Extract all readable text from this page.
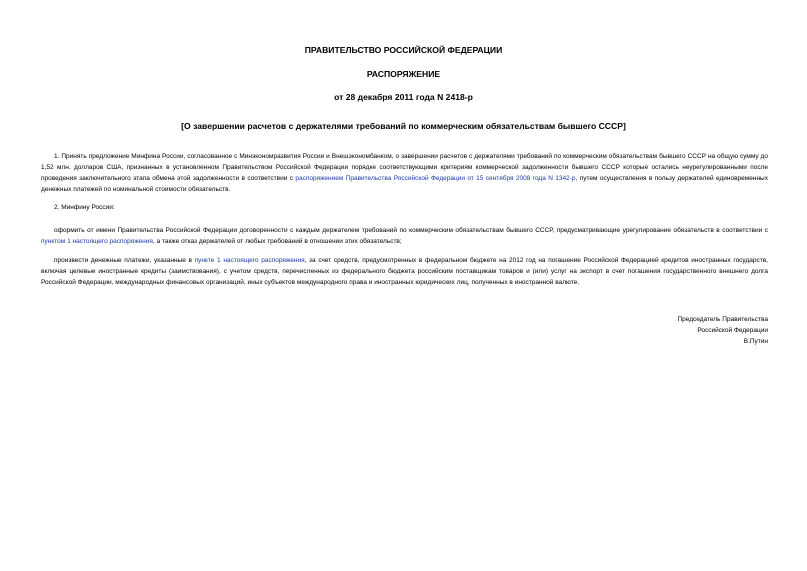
ПРАВИТЕЛЬСТВО РОССИЙСКОЙ ФЕДЕРАЦИИ
РАСПОРЯЖЕНИЕ
от 28 декабря 2011 года N 2418-р
[О завершении расчетов с держателями требований по коммерческим обязательствам бывшего СССР]

1. Принять предложение Минфина России, согласованное с Минэкономразвития России и Внешэкономбанком, о завершении расчетов с держателями требований по коммерческим обязательствам бывшего СССР на общую сумму до 1,52 млн. долларов США, признанных в установленном Правительством Российской Федерации порядке соответствующими критериям коммерческой задолженности бывшего СССР которые остались неурегулированными после проведения заключительного этапа обмена этой задолженности в соответствии с распоряжением Правительства Российской Федерации от 15 сентября 2008 года N 1342-р, путем осуществления в пользу держателей единовременных денежных платежей по номинальной стоимости обязательств.

2. Минфину России:

оформить от имени Правительства Российской Федерации договоренности с каждым держателем требований по коммерческим обязательствам бывшего СССР, предусматривающие урегулирование обязательств в соответствии с пунктом 1 настоящего распоряжения, а также отказ держателей от любых требований в отношении этих обязательств;

произвести денежные платежи, указанные в пункте 1 настоящего распоряжения, за счет средств, предусмотренных в федеральном бюджете на 2012 год на погашение Российской Федерацией кредитов иностранных государств, включая целевые иностранные кредиты (заимствования), с учетом средств, перечисленных из федерального бюджета российским поставщикам товаров и (или) услуг на экспорт в счет погашения государственного внешнего долга Российской Федерации, международных финансовых организаций, иных субъектов международного права и иностранных юридических лиц, полученных в иностранной валюте.

Председатель Правительства
Российской Федерации
В.Путин
